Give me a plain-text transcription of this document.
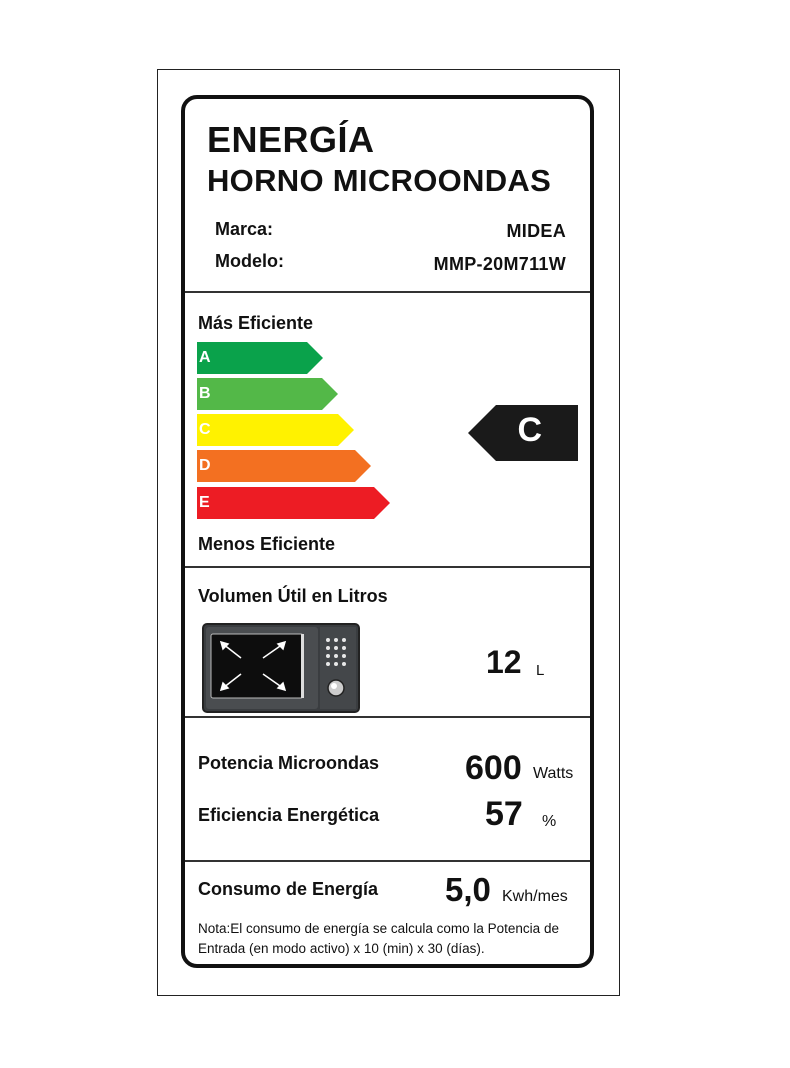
ENERGÍA
HORNO MICROONDAS
Marca:	MIDEA
Modelo:	MMP-20M711W
Más Eficiente
A
B
C
D
E
C
Menos Eficiente
Volumen Útil en Litros
12 L
Potencia Microondas	600 Watts
Eficiencia Energética	57 %
Consumo de Energía 5,0 Kwh/mes
Nota:El consumo de energía se calcula como la Potencia de Entrada (en modo activo) x 10 (min) x 30 (días).
